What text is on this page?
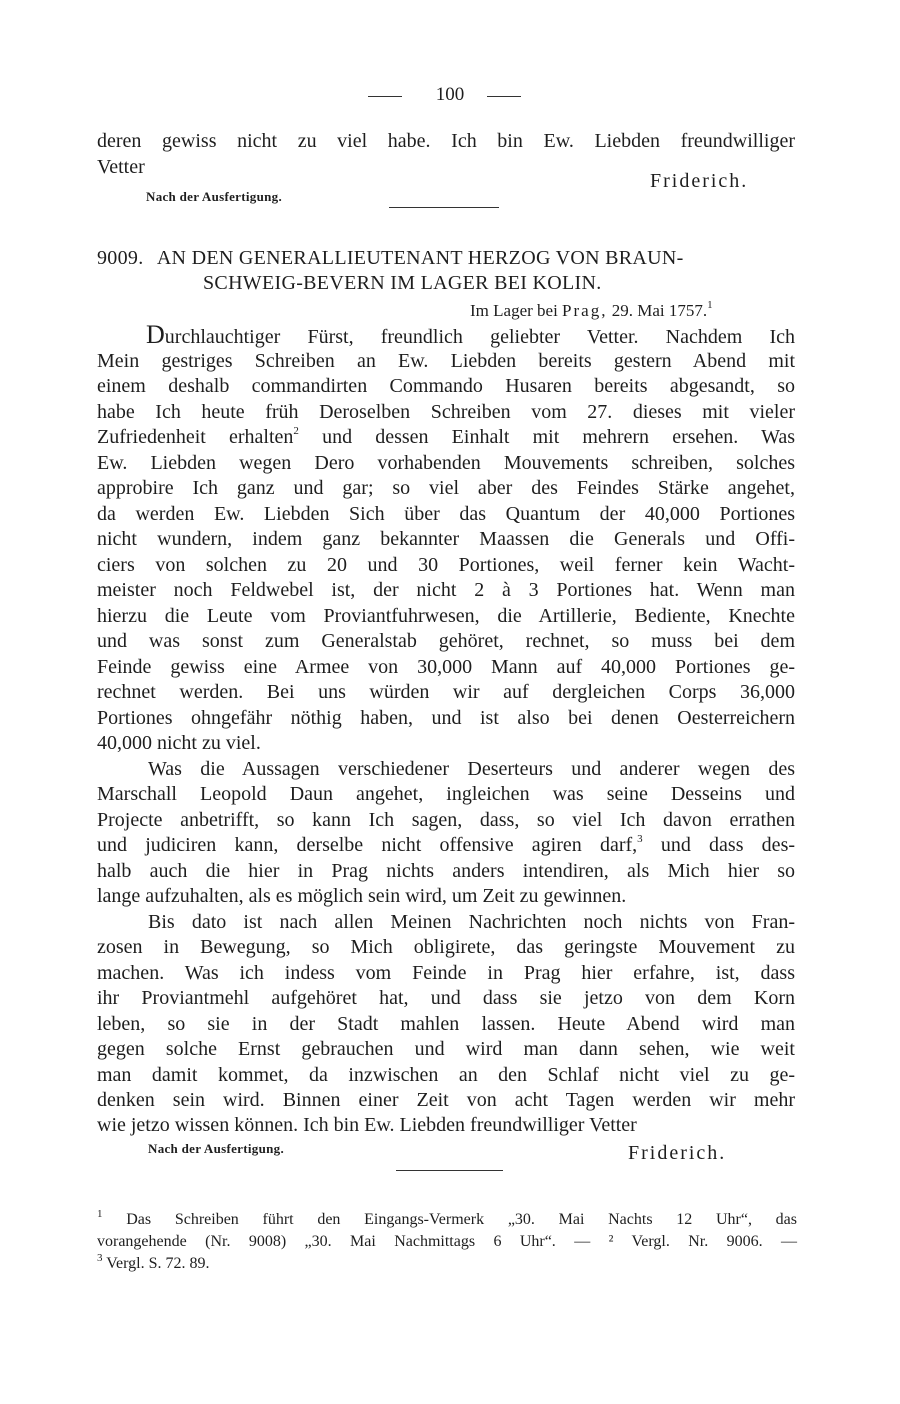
100
deren gewiss nicht zu viel habe. Ich bin Ew. Liebden freundwilliger
Vetter
Friderich.
Nach der Ausfertigung.
9009. AN DEN GENERALLIEUTENANT HERZOG VON BRAUN-
SCHWEIG-BEVERN IM LAGER BEI KOLIN.
Im Lager bei Prag, 29. Mai 1757.$^1$
Durchlauchtiger Fürst, freundlich geliebter Vetter. Nachdem Ich
Mein gestriges Schreiben an Ew. Liebden bereits gestern Abend mit
einem deshalb commandirten Commando Husaren bereits abgesandt, so
habe Ich heute früh Deroselben Schreiben vom 27. dieses mit vieler
Zufriedenheit erhalten$^2$ und dessen Einhalt mit mehrern ersehen. Was
Ew. Liebden wegen Dero vorhabenden Mouvements schreiben, solches
approbire Ich ganz und gar; so viel aber des Feindes Stärke angehet,
da werden Ew. Liebden Sich über das Quantum der 40,000 Portiones
nicht wundern, indem ganz bekannter Maassen die Generals und Offi-
ciers von solchen zu 20 und 30 Portiones, weil ferner kein Wacht-
meister noch Feldwebel ist, der nicht 2 à 3 Portiones hat. Wenn man
hierzu die Leute vom Proviantfuhrwesen, die Artillerie, Bediente, Knechte
und was sonst zum Generalstab gehöret, rechnet, so muss bei dem
Feinde gewiss eine Armee von 30,000 Mann auf 40,000 Portiones ge-
rechnet werden. Bei uns würden wir auf dergleichen Corps 36,000
Portiones ohngefähr nöthig haben, und ist also bei denen Oesterreichern
40,000 nicht zu viel.
Was die Aussagen verschiedener Deserteurs und anderer wegen des
Marschall Leopold Daun angehet, ingleichen was seine Desseins und
Projecte anbetrifft, so kann Ich sagen, dass, so viel Ich davon errathen
und judiciren kann, derselbe nicht offensive agiren darf,$^3$ und dass des-
halb auch die hier in Prag nichts anders intendiren, als Mich hier so
lange aufzuhalten, als es möglich sein wird, um Zeit zu gewinnen.
Bis dato ist nach allen Meinen Nachrichten noch nichts von Fran-
zosen in Bewegung, so Mich obligirete, das geringste Mouvement zu
machen. Was ich indess vom Feinde in Prag hier erfahre, ist, dass
ihr Proviantmehl aufgehöret hat, und dass sie jetzo von dem Korn
leben, so sie in der Stadt mahlen lassen. Heute Abend wird man
gegen solche Ernst gebrauchen und wird man dann sehen, wie weit
man damit kommet, da inzwischen an den Schlaf nicht viel zu ge-
denken sein wird. Binnen einer Zeit von acht Tagen werden wir mehr
wie jetzo wissen können. Ich bin Ew. Liebden freundwilliger Vetter
Nach der Ausfertigung.	Friderich.
$^1$ Das Schreiben führt den Eingangs-Vermerk „30. Mai Nachts 12 Uhr“, das
vorangehende (Nr. 9008) „30. Mai Nachmittags 6 Uhr“. — ² Vergl. Nr. 9006. —
$^3$ Vergl. S. 72. 89.
